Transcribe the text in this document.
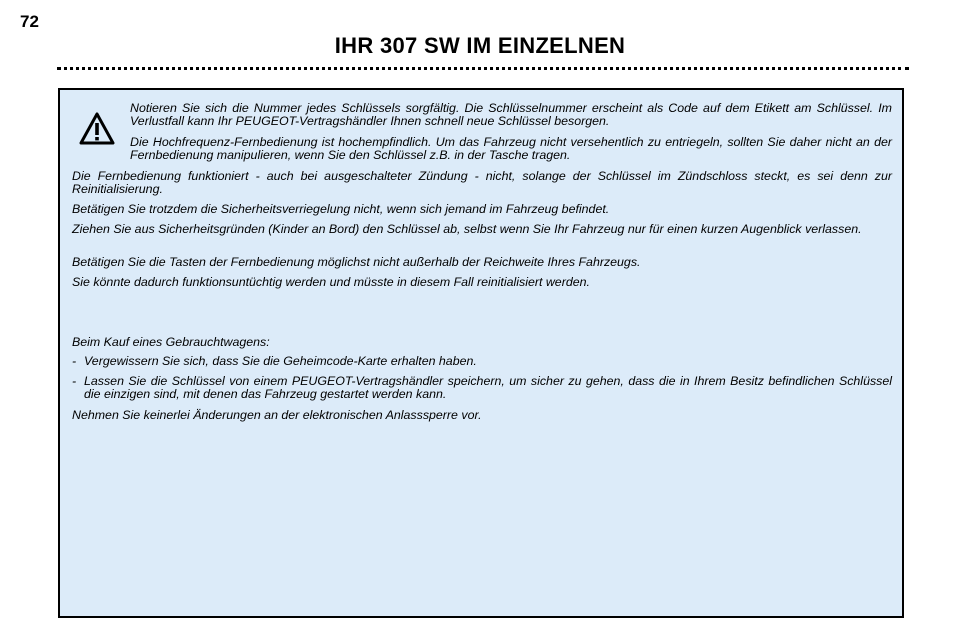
72
IHR 307 SW IM EINZELNEN

Notieren Sie sich die Nummer jedes Schlüssels sorgfältig. Die Schlüsselnummer erscheint als Code auf dem Etikett am Schlüssel. Im Verlustfall kann Ihr PEUGEOT-Vertragshändler Ihnen schnell neue Schlüssel besorgen.

Die Hochfrequenz-Fernbedienung ist hochempfindlich. Um das Fahrzeug nicht versehentlich zu entriegeln, sollten Sie daher nicht an der Fernbedienung manipulieren, wenn Sie den Schlüssel z.B. in der Tasche tragen.

Die Fernbedienung funktioniert - auch bei ausgeschalteter Zündung - nicht, solange der Schlüssel im Zündschloss steckt, es sei denn zur Reinitialisierung.

Betätigen Sie trotzdem die Sicherheitsverriegelung nicht, wenn sich jemand im Fahrzeug befindet.

Ziehen Sie aus Sicherheitsgründen (Kinder an Bord) den Schlüssel ab, selbst wenn Sie Ihr Fahrzeug nur für einen kurzen Augenblick verlassen.

Betätigen Sie die Tasten der Fernbedienung möglichst nicht außerhalb der Reichweite Ihres Fahrzeugs.

Sie könnte dadurch funktionsuntüchtig werden und müsste in diesem Fall reinitialisiert werden.

Beim Kauf eines Gebrauchtwagens:

- Vergewissern Sie sich, dass Sie die Geheimcode-Karte erhalten haben.
- Lassen Sie die Schlüssel von einem PEUGEOT-Vertragshändler speichern, um sicher zu gehen, dass die in Ihrem Besitz befindlichen Schlüssel die einzigen sind, mit denen das Fahrzeug gestartet werden kann.

Nehmen Sie keinerlei Änderungen an der elektronischen Anlasssperre vor.
